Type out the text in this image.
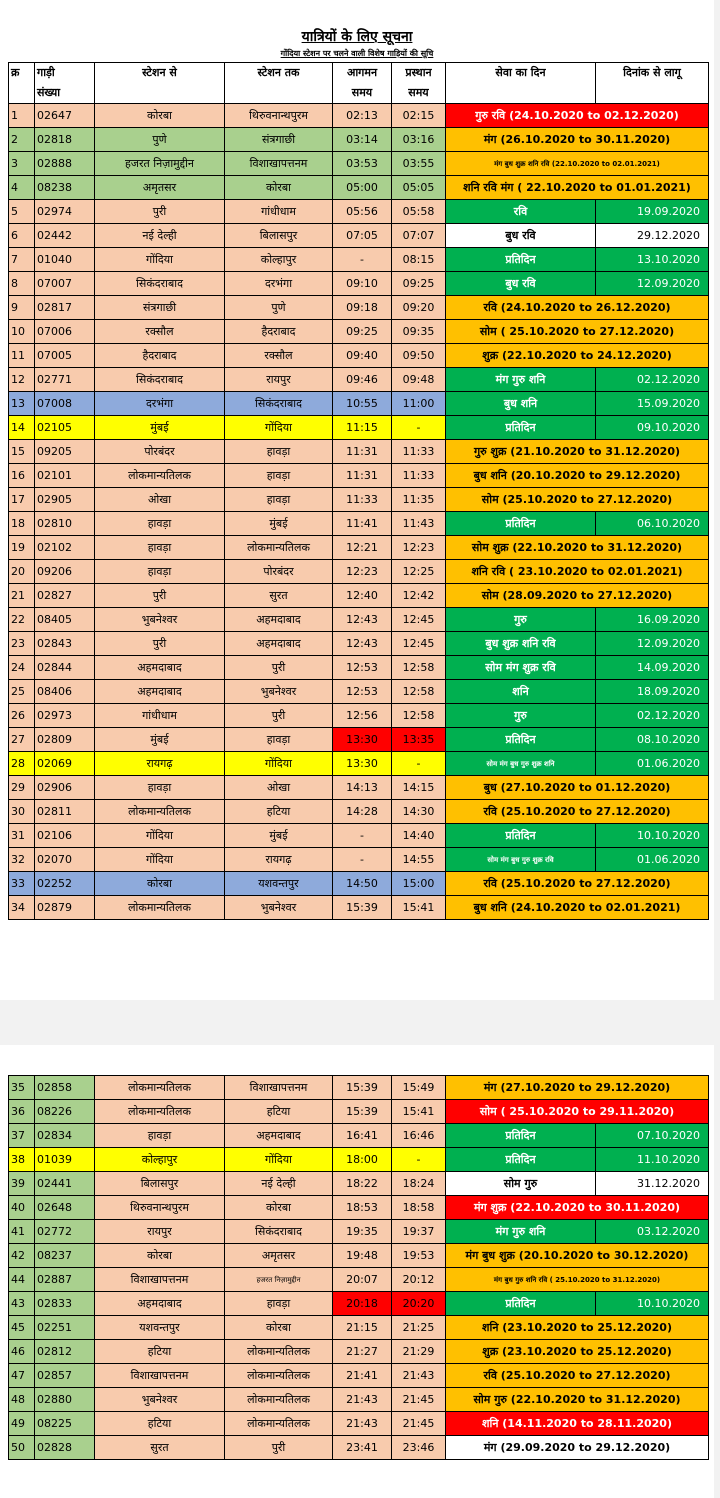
यात्रियों के लिए सूचना
गोंदिया स्टेशन पर चलने वाली विशेष गाड़ियों की सूचि
क्र	गाड़ी	स्टेशन से	स्टेशन तक	आगमन	प्रस्थान	सेवा का दिन	दिनांक से लागू
	संख्या			समय	समय		
1	02647	कोरबा	थिरुवनान्थपुरम	02:13	02:15	गुरु रवि (24.10.2020 to 02.12.2020)	
2	02818	पुणे	संत्रगाछी	03:14	03:16	मंग (26.10.2020 to 30.11.2020)	
3	02888	हजरत निज़ामुद्दीन	विशाखापत्तनम	03:53	03:55	मंग बुध शुक्र शनि रवि (22.10.2020 to 02.01.2021)	
4	08238	अमृतसर	कोरबा	05:00	05:05	शनि रवि मंग ( 22.10.2020 to 01.01.2021)	
5	02974	पुरी	गांधीधाम	05:56	05:58	रवि	19.09.2020
6	02442	नई देल्ही	बिलासपुर	07:05	07:07	बुध रवि	29.12.2020
7	01040	गोंदिया	कोल्हापुर	-	08:15	प्रतिदिन	13.10.2020
8	07007	सिकंदराबाद	दरभंगा	09:10	09:25	बुध रवि	12.09.2020
9	02817	संत्रगाछी	पुणे	09:18	09:20	रवि (24.10.2020 to 26.12.2020)	
10	07006	रक्सौल	हैदराबाद	09:25	09:35	सोम ( 25.10.2020 to 27.12.2020)	
11	07005	हैदराबाद	रक्सौल	09:40	09:50	शुक्र (22.10.2020 to 24.12.2020)	
12	02771	सिकंदराबाद	रायपुर	09:46	09:48	मंग गुरु शनि	02.12.2020
13	07008	दरभंगा	सिकंदराबाद	10:55	11:00	बुध शनि	15.09.2020
14	02105	मुंबई	गोंदिया	11:15	-	प्रतिदिन	09.10.2020
15	09205	पोरबंदर	हावड़ा	11:31	11:33	गुरु शुक्र (21.10.2020 to 31.12.2020)	
16	02101	लोकमान्यतिलक	हावड़ा	11:31	11:33	बुध शनि (20.10.2020 to 29.12.2020)	
17	02905	ओखा	हावड़ा	11:33	11:35	सोम (25.10.2020 to 27.12.2020)	
18	02810	हावड़ा	मुंबई	11:41	11:43	प्रतिदिन	06.10.2020
19	02102	हावड़ा	लोकमान्यतिलक	12:21	12:23	सोम शुक्र (22.10.2020 to 31.12.2020)	
20	09206	हावड़ा	पोरबंदर	12:23	12:25	शनि रवि ( 23.10.2020 to 02.01.2021)	
21	02827	पुरी	सुरत	12:40	12:42	सोम (28.09.2020 to 27.12.2020)	
22	08405	भुबनेश्वर	अहमदाबाद	12:43	12:45	गुरु	16.09.2020
23	02843	पुरी	अहमदाबाद	12:43	12:45	बुध शुक्र शनि रवि	12.09.2020
24	02844	अहमदाबाद	पुरी	12:53	12:58	सोम मंग शुक्र रवि	14.09.2020
25	08406	अहमदाबाद	भुबनेश्वर	12:53	12:58	शनि	18.09.2020
26	02973	गांधीधाम	पुरी	12:56	12:58	गुरु	02.12.2020
27	02809	मुंबई	हावड़ा	13:30	13:35	प्रतिदिन	08.10.2020
28	02069	रायगढ़	गोंदिया	13:30	-	सोम मंग बुध गुरु शुक्र शनि	01.06.2020
29	02906	हावड़ा	ओखा	14:13	14:15	बुध (27.10.2020 to 01.12.2020)	
30	02811	लोकमान्यतिलक	हटिया	14:28	14:30	रवि (25.10.2020 to 27.12.2020)	
31	02106	गोंदिया	मुंबई	-	14:40	प्रतिदिन	10.10.2020
32	02070	गोंदिया	रायगढ़	-	14:55	सोम मंग बुध गुरु शुक्र रवि	01.06.2020
33	02252	कोरबा	यशवन्तपुर	14:50	15:00	रवि (25.10.2020 to 27.12.2020)	
34	02879	लोकमान्यतिलक	भुबनेश्वर	15:39	15:41	बुध शनि (24.10.2020 to 02.01.2021)	
35	02858	लोकमान्यतिलक	विशाखापत्तनम	15:39	15:49	मंग (27.10.2020 to 29.12.2020)	
36	08226	लोकमान्यतिलक	हटिया	15:39	15:41	सोम ( 25.10.2020 to 29.11.2020)	
37	02834	हावड़ा	अहमदाबाद	16:41	16:46	प्रतिदिन	07.10.2020
38	01039	कोल्हापुर	गोंदिया	18:00	-	प्रतिदिन	11.10.2020
39	02441	बिलासपुर	नई देल्ही	18:22	18:24	सोम गुरु	31.12.2020
40	02648	थिरुवनान्थपुरम	कोरबा	18:53	18:58	मंग शुक्र (22.10.2020 to 30.11.2020)	
41	02772	रायपुर	सिकंदराबाद	19:35	19:37	मंग गुरु शनि	03.12.2020
42	08237	कोरबा	अमृतसर	19:48	19:53	मंग बुध शुक्र (20.10.2020 to 30.12.2020)	
44	02887	विशाखापत्तनम	हजरत निज़ामुद्दीन	20:07	20:12	मंग बुध गुरु शनि रवि ( 25.10.2020 to 31.12.2020)	
43	02833	अहमदाबाद	हावड़ा	20:18	20:20	प्रतिदिन	10.10.2020
45	02251	यशवन्तपुर	कोरबा	21:15	21:25	शनि (23.10.2020 to 25.12.2020)	
46	02812	हटिया	लोकमान्यतिलक	21:27	21:29	शुक्र (23.10.2020 to 25.12.2020)	
47	02857	विशाखापत्तनम	लोकमान्यतिलक	21:41	21:43	रवि (25.10.2020 to 27.12.2020)	
48	02880	भुबनेश्वर	लोकमान्यतिलक	21:43	21:45	सोम गुरु (22.10.2020 to 31.12.2020)	
49	08225	हटिया	लोकमान्यतिलक	21:43	21:45	शनि (14.11.2020 to 28.11.2020)	
50	02828	सुरत	पुरी	23:41	23:46	मंग (29.09.2020 to 29.12.2020)	
